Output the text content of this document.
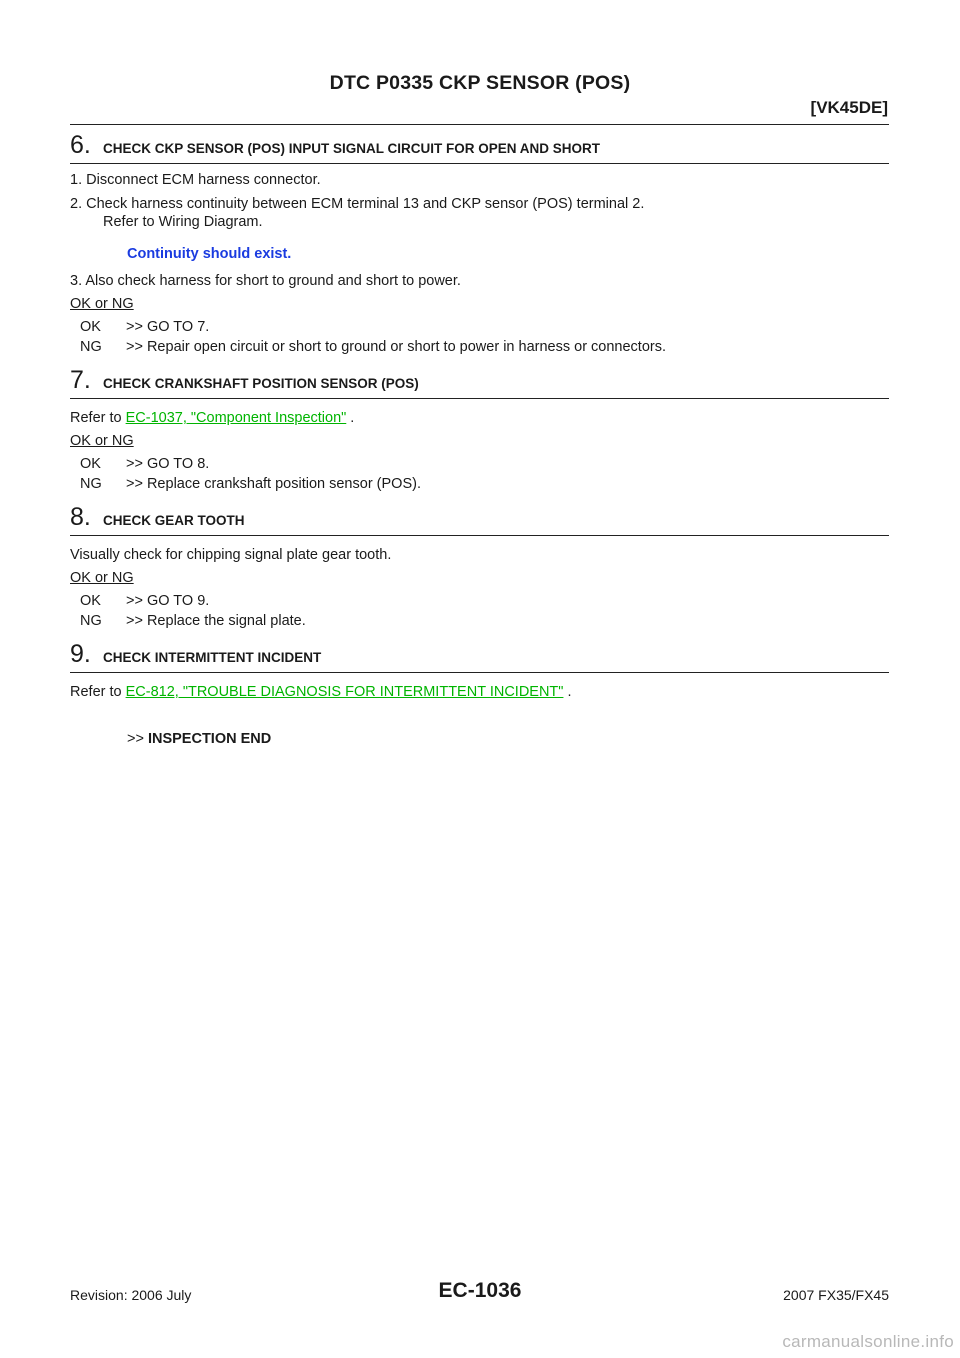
DTC P0335 CKP SENSOR (POS)
[VK45DE]
6. CHECK CKP SENSOR (POS) INPUT SIGNAL CIRCUIT FOR OPEN AND SHORT
1. Disconnect ECM harness connector.
2. Check harness continuity between ECM terminal 13 and CKP sensor (POS) terminal 2.
Refer to Wiring Diagram.
Continuity should exist.
3. Also check harness for short to ground and short to power.
OK or NG
OK >> GO TO 7.
NG >> Repair open circuit or short to ground or short to power in harness or connectors.
7. CHECK CRANKSHAFT POSITION SENSOR (POS)
Refer to EC-1037, "Component Inspection" .
OK or NG
OK >> GO TO 8.
NG >> Replace crankshaft position sensor (POS).
8. CHECK GEAR TOOTH
Visually check for chipping signal plate gear tooth.
OK or NG
OK >> GO TO 9.
NG >> Replace the signal plate.
9. CHECK INTERMITTENT INCIDENT
Refer to EC-812, "TROUBLE DIAGNOSIS FOR INTERMITTENT INCIDENT" .
>> INSPECTION END
Revision: 2006 July	EC-1036	2007 FX35/FX45
carmanualsonline.info
